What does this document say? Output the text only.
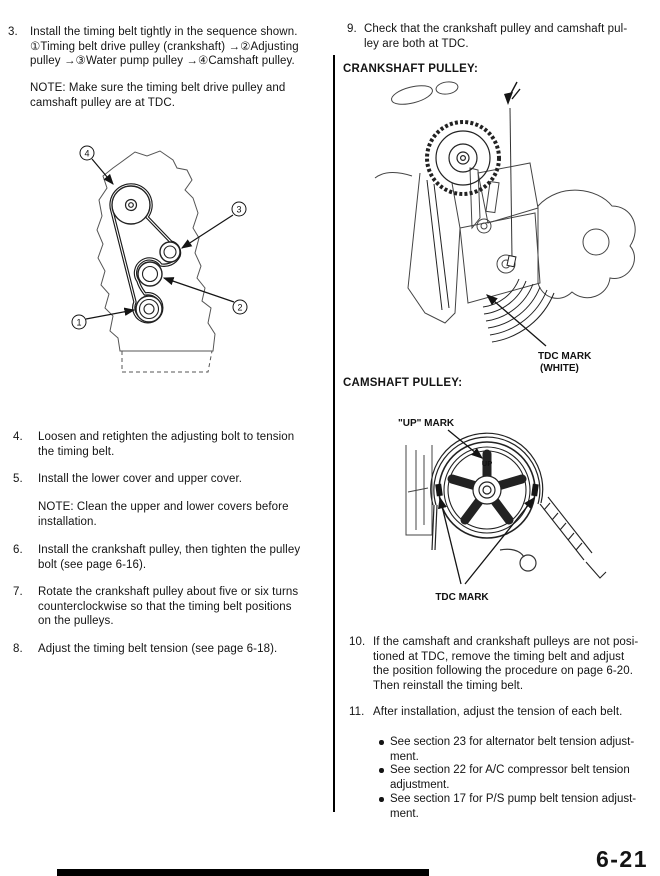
3. Install the timing belt tightly in the sequence shown.
①Timing belt drive pulley (crankshaft) →②Adjusting
pulley →③Water pump pulley →④Camshaft pulley.
NOTE: Make sure the timing belt drive pulley and
camshaft pulley are at TDC.
4
3
2
1
4. Loosen and retighten the adjusting bolt to tension
the timing belt.
5. Install the lower cover and upper cover.
NOTE: Clean the upper and lower covers before
installation.
6. Install the crankshaft pulley, then tighten the pulley
bolt (see page 6-16).
7. Rotate the crankshaft pulley about five or six turns
counterclockwise so that the timing belt positions
on the pulleys.
8. Adjust the timing belt tension (see page 6-18).
9. Check that the crankshaft pulley and camshaft pul-
ley are both at TDC.
CRANKSHAFT PULLEY:
TDC MARK
(WHITE)
CAMSHAFT PULLEY:
UP
"UP" MARK
TDC MARK
10. If the camshaft and crankshaft pulleys are not posi-
tioned at TDC, remove the timing belt and adjust
the position following the procedure on page 6-20.
Then reinstall the timing belt.
11. After installation, adjust the tension of each belt.
See section 23 for alternator belt tension adjust-
ment.
See section 22 for A/C compressor belt tension
adjustment.
See section 17 for P/S pump belt tension adjust-
ment.
6-21
